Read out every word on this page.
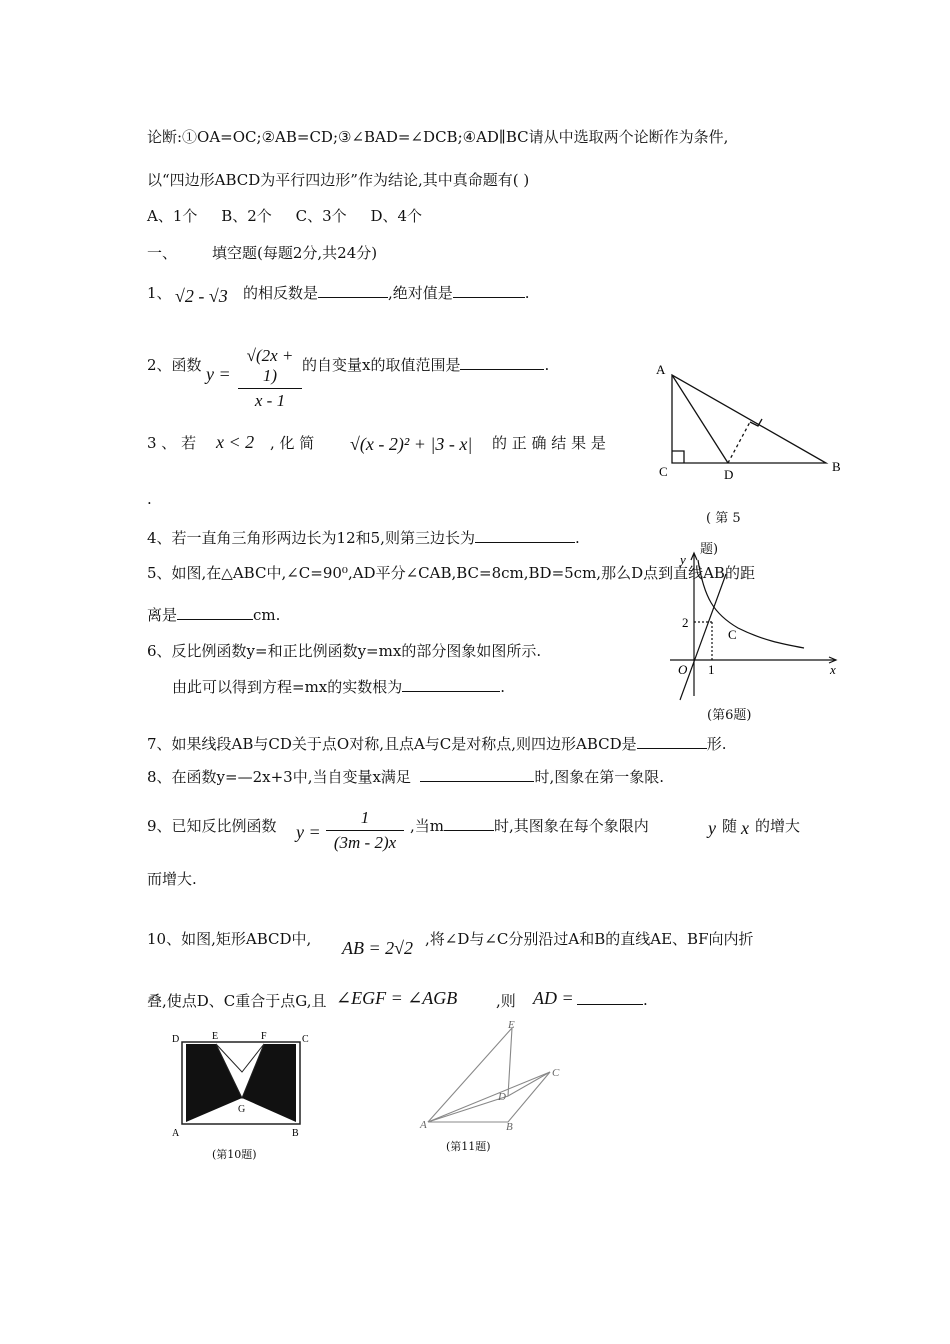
论断:①OA=OC;②AB=CD;③∠BAD=∠DCB;④AD∥BC请从中选取两个论断作为条件,
以“四边形ABCD为平行四边形”作为结论,其中真命题有( )
A、1个     B、2个     C、3个     D、4个
一、 填空题(每题2分,共24分)
1、 √2 - √3 的相反数是	,绝对值是	.
2、函数 $y = \frac{√(2x + 1)}{x - 1}$ 的自变量x的取值范围是	.
3 、 若 x < 2 , 化 简 √(x - 2)² + |3 - x| 的 正 确 结 果 是
.
4、若一直角三角形两边长为12和5,则第三边长为	.
5、如图,在△ABC中,∠C=90⁰,AD平分∠CAB,BC=8cm,BD=5cm,那么D点到直线AB的距
离是	cm.
6、反比例函数y=和正比例函数y=mx的部分图象如图所示.
由此可以得到方程=mx的实数根为	.
7、如果线段AB与CD关于点O对称,且点A与C是对称点,则四边形ABCD是	形.
8、在函数y=—2x+3中,当自变量x满足	时,图象在第一象限.
9、已知反比例函数 $y = \frac{1}{(3m - 2)x}$ ,当m	时,其图象在每个象限内	y 随 x 的增大
而增大.
10、如图,矩形ABCD中, AB = 2√2 ,将∠D与∠C分别沿过A和B的直线AE、BF向内折
叠,使点D、C重合于点G,且 ∠EGF = ∠AGB	,则 AD =	.
A
C	D
B
( 第 5
题)
y
2
C
O 1	x
(第6题)
D	E	F	C
G
A	B
(第10题)
E
C
D
A	B
(第11题)
